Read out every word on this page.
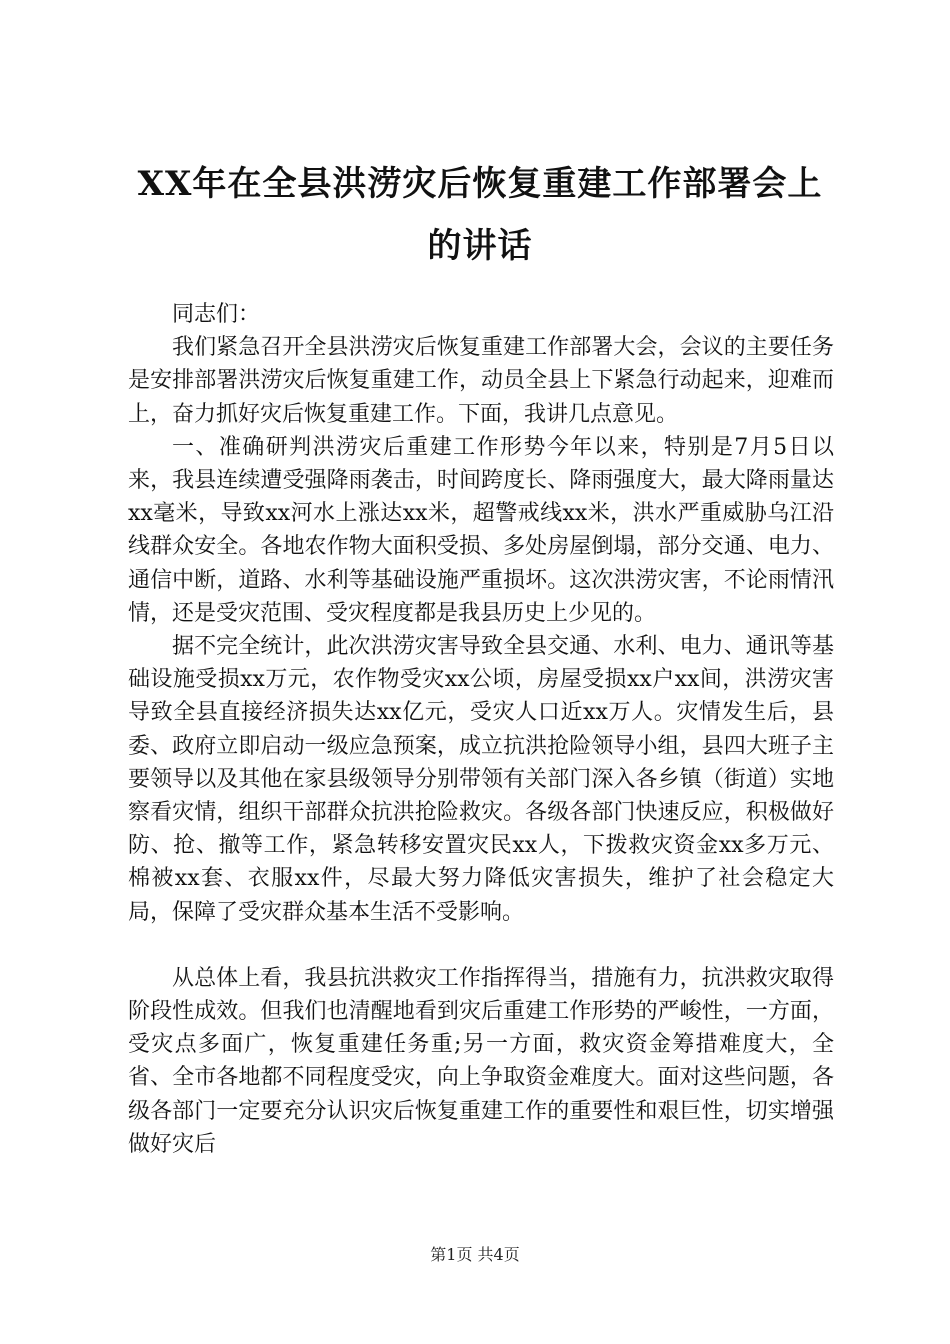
XX年在全县洪涝灾后恢复重建工作部署会上
的讲话

同志们：

我们紧急召开全县洪涝灾后恢复重建工作部署大会，会议的主要任务是安排部署洪涝灾后恢复重建工作，动员全县上下紧急行动起来，迎难而上，奋力抓好灾后恢复重建工作。下面，我讲几点意见。

一、准确研判洪涝灾后重建工作形势今年以来，特别是7月5日以来，我县连续遭受强降雨袭击，时间跨度长、降雨强度大，最大降雨量达xx毫米，导致xx河水上涨达xx米，超警戒线xx米，洪水严重威胁乌江沿线群众安全。各地农作物大面积受损、多处房屋倒塌，部分交通、电力、通信中断，道路、水利等基础设施严重损坏。这次洪涝灾害，不论雨情汛情，还是受灾范围、受灾程度都是我县历史上少见的。

据不完全统计，此次洪涝灾害导致全县交通、水利、电力、通讯等基础设施受损xx万元，农作物受灾xx公顷，房屋受损xx户xx间，洪涝灾害导致全县直接经济损失达xx亿元，受灾人口近xx万人。灾情发生后，县委、政府立即启动一级应急预案，成立抗洪抢险领导小组，县四大班子主要领导以及其他在家县级领导分别带领有关部门深入各乡镇（街道）实地察看灾情，组织干部群众抗洪抢险救灾。各级各部门快速反应，积极做好防、抢、撤等工作，紧急转移安置灾民xx人，下拨救灾资金xx多万元、棉被xx套、衣服xx件，尽最大努力降低灾害损失，维护了社会稳定大局，保障了受灾群众基本生活不受影响。

从总体上看，我县抗洪救灾工作指挥得当，措施有力，抗洪救灾取得阶段性成效。但我们也清醒地看到灾后重建工作形势的严峻性，一方面，受灾点多面广，恢复重建任务重;另一方面，救灾资金筹措难度大，全省、全市各地都不同程度受灾，向上争取资金难度大。面对这些问题，各级各部门一定要充分认识灾后恢复重建工作的重要性和艰巨性，切实增强做好灾后

第1页 共4页
